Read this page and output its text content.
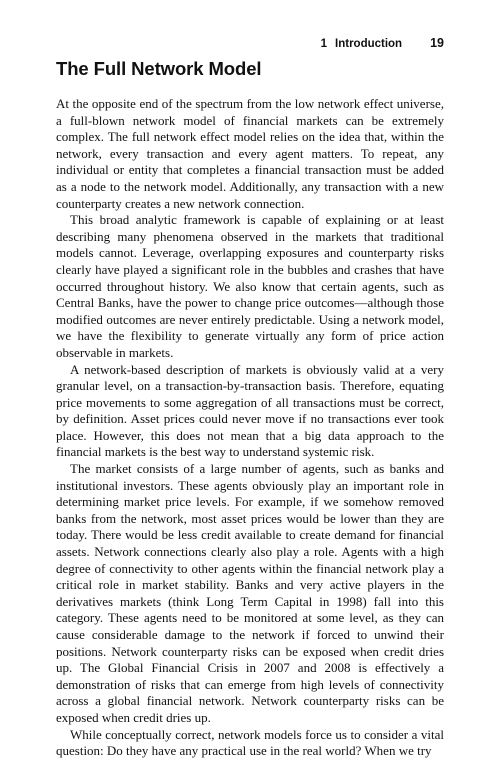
1 Introduction 19
The Full Network Model

At the opposite end of the spectrum from the low network effect universe, a full-blown network model of financial markets can be extremely complex. The full network effect model relies on the idea that, within the network, every transaction and every agent matters. To repeat, any individual or entity that completes a financial transaction must be added as a node to the network model. Additionally, any transaction with a new counterparty creates a new network connection.

This broad analytic framework is capable of explaining or at least describing many phenomena observed in the markets that traditional models cannot. Leverage, overlapping exposures and counterparty risks clearly have played a significant role in the bubbles and crashes that have occurred throughout history. We also know that certain agents, such as Central Banks, have the power to change price outcomes—although those modified outcomes are never entirely predictable. Using a network model, we have the flexibility to generate virtually any form of price action observable in markets.

A network-based description of markets is obviously valid at a very granular level, on a transaction-by-transaction basis. Therefore, equating price movements to some aggregation of all transactions must be correct, by definition. Asset prices could never move if no transactions ever took place. However, this does not mean that a big data approach to the financial markets is the best way to understand systemic risk.

The market consists of a large number of agents, such as banks and institutional investors. These agents obviously play an important role in determining market price levels. For example, if we somehow removed banks from the network, most asset prices would be lower than they are today. There would be less credit available to create demand for financial assets. Network connections clearly also play a role. Agents with a high degree of connectivity to other agents within the financial network play a critical role in market stability. Banks and very active players in the derivatives markets (think Long Term Capital in 1998) fall into this category. These agents need to be monitored at some level, as they can cause considerable damage to the network if forced to unwind their positions. Network counterparty risks can be exposed when credit dries up. The Global Financial Crisis in 2007 and 2008 is effectively a demonstration of risks that can emerge from high levels of connectivity across a global financial network. Network counterparty risks can be exposed when credit dries up.

While conceptually correct, network models force us to consider a vital question: Do they have any practical use in the real world? When we try
